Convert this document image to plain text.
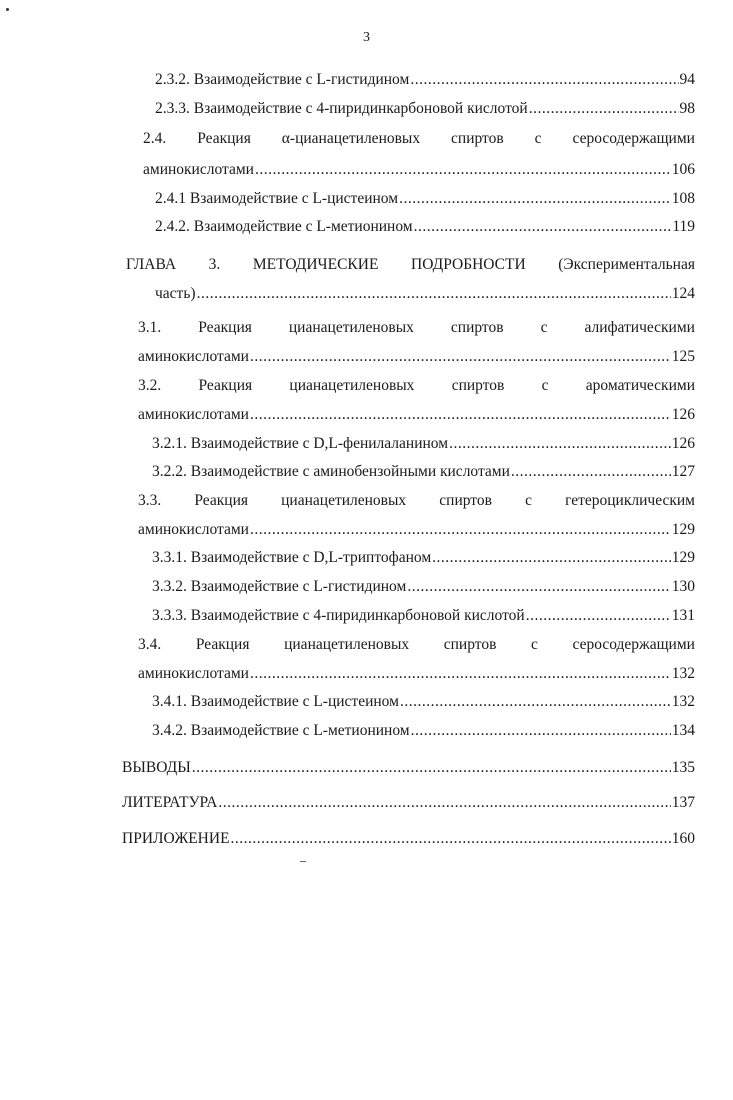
3
2.3.2. Взаимодействие с L-гистидином .....	94
2.3.3. Взаимодействие с 4-пиридинкарбоновой кислотой .....	98
2.4. Реакция α-цианацетиленовых спиртов с серосодержащими
аминокислотами .....	106
2.4.1 Взаимодействие с L-цистеином .....	108
2.4.2. Взаимодействие с L-метионином .....	119
ГЛАВА 3. МЕТОДИЧЕСКИЕ ПОДРОБНОСТИ (Экспериментальная
часть) .....	124
3.1. Реакция цианацетиленовых спиртов с алифатическими
аминокислотами .....	125
3.2. Реакция цианацетиленовых спиртов с ароматическими
аминокислотами .....	126
3.2.1. Взаимодействие с D,L-фенилаланином .....	126
3.2.2. Взаимодействие с аминобензойными кислотами .....	127
3.3. Реакция цианацетиленовых спиртов с гетероциклическим
аминокислотами .....	129
3.3.1. Взаимодействие с D,L-триптофаном .....	129
3.3.2. Взаимодействие с L-гистидином .....	130
3.3.3. Взаимодействие с 4-пиридинкарбоновой кислотой .....	131
3.4. Реакция цианацетиленовых спиртов с серосодержащими
аминокислотами .....	132
3.4.1. Взаимодействие с L-цистеином .....	132
3.4.2. Взаимодействие с L-метионином .....	134
ВЫВОДЫ .....	135
ЛИТЕРАТУРА .....	137
ПРИЛОЖЕНИЕ .....	160
